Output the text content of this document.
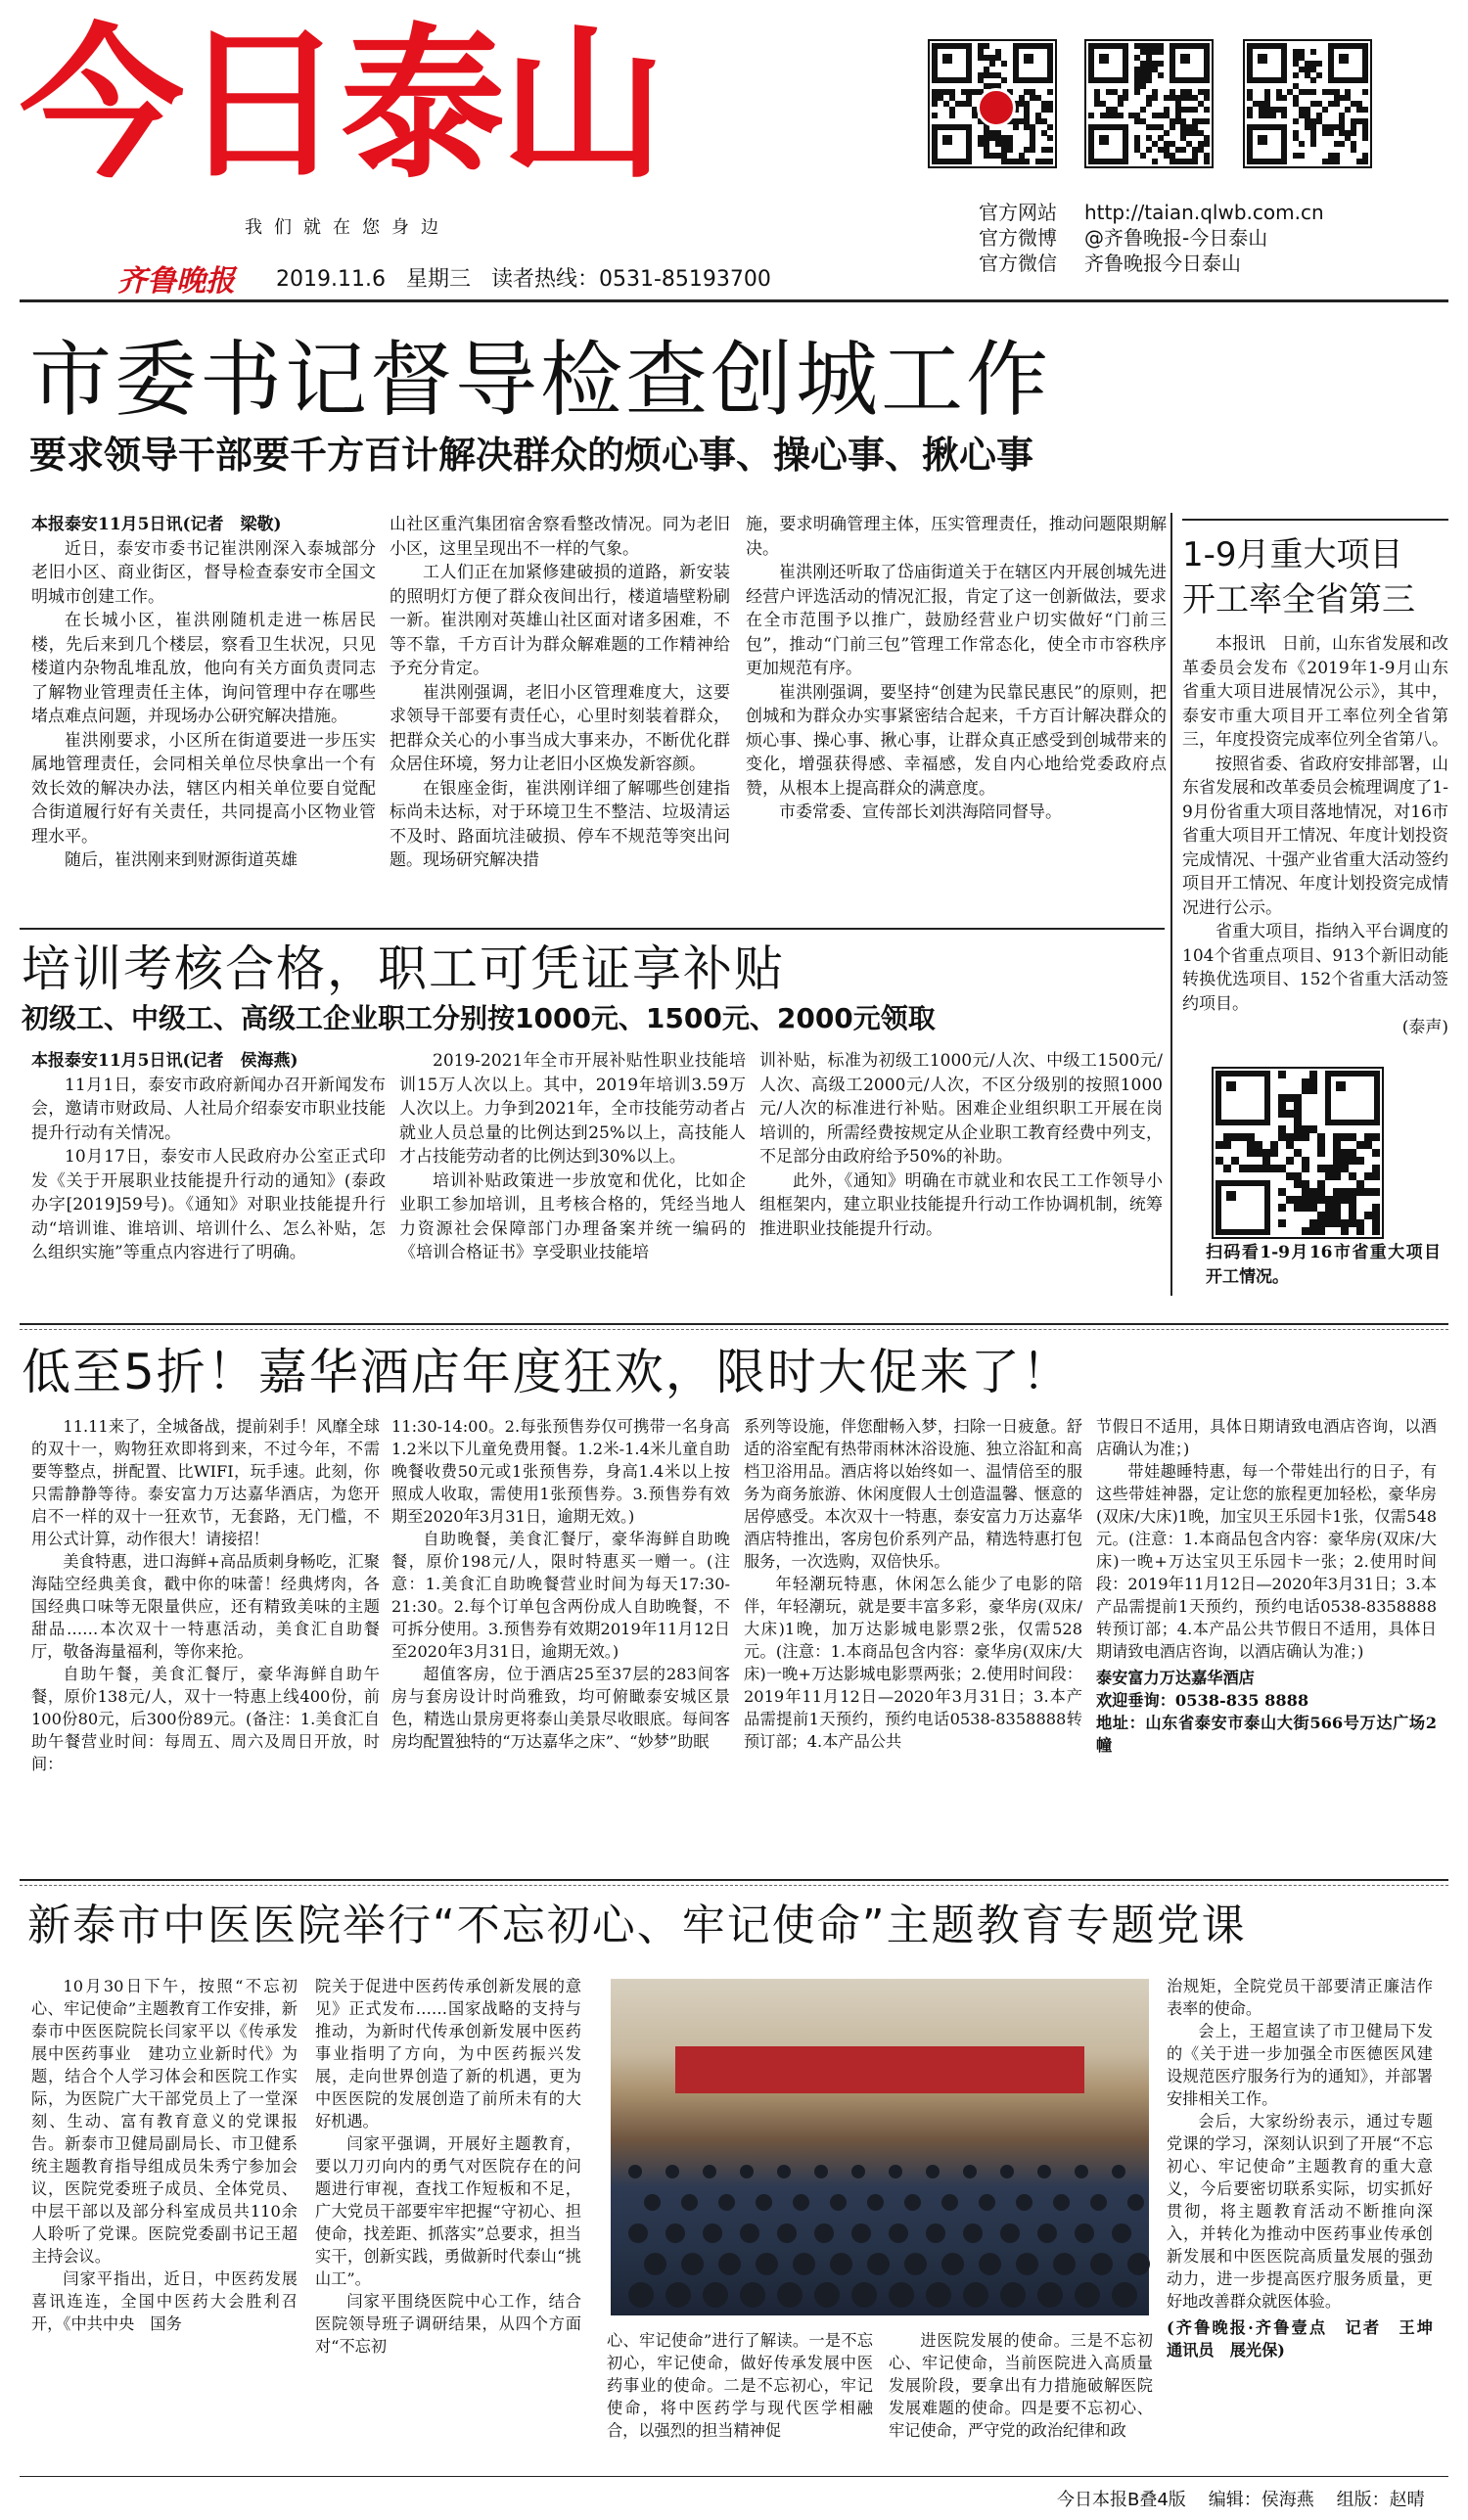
今日泰山
我们就在您身边
齐鲁晚报 2019.11.6 星期三 读者热线：0531-85193700
官方网站 http://taian.qlwb.com.cn
官方微博 @齐鲁晚报-今日泰山
官方微信 齐鲁晚报今日泰山
市委书记督导检查创城工作
要求领导干部要千方百计解决群众的烦心事、操心事、揪心事

本报泰安11月5日讯(记者　梁敬)

近日，泰安市委书记崔洪刚深入泰城部分老旧小区、商业街区，督导检查泰安市全国文明城市创建工作。

在长城小区，崔洪刚随机走进一栋居民楼，先后来到几个楼层，察看卫生状况，只见楼道内杂物乱堆乱放，他向有关方面负责同志了解物业管理责任主体，询问管理中存在哪些堵点难点问题，并现场办公研究解决措施。

崔洪刚要求，小区所在街道要进一步压实属地管理责任，会同相关单位尽快拿出一个有效长效的解决办法，辖区内相关单位要自觉配合街道履行好有关责任，共同提高小区物业管理水平。

随后，崔洪刚来到财源街道英雄

山社区重汽集团宿舍察看整改情况。同为老旧小区，这里呈现出不一样的气象。

工人们正在加紧修建破损的道路，新安装的照明灯方便了群众夜间出行，楼道墙壁粉刷一新。崔洪刚对英雄山社区面对诸多困难，不等不靠，千方百计为群众解难题的工作精神给予充分肯定。

崔洪刚强调，老旧小区管理难度大，这要求领导干部要有责任心，心里时刻装着群众，把群众关心的小事当成大事来办，不断优化群众居住环境，努力让老旧小区焕发新容颜。

在银座金街，崔洪刚详细了解哪些创建指标尚未达标，对于环境卫生不整洁、垃圾清运不及时、路面坑洼破损、停车不规范等突出问题。现场研究解决措

施，要求明确管理主体，压实管理责任，推动问题限期解决。

崔洪刚还听取了岱庙街道关于在辖区内开展创城先进经营户评选活动的情况汇报，肯定了这一创新做法，要求在全市范围予以推广，鼓励经营业户切实做好“门前三包”，推动“门前三包”管理工作常态化，使全市市容秩序更加规范有序。

崔洪刚强调，要坚持“创建为民靠民惠民”的原则，把创城和为群众办实事紧密结合起来，千方百计解决群众的烦心事、操心事、揪心事，让群众真正感受到创城带来的变化，增强获得感、幸福感，发自内心地给党委政府点赞，从根本上提高群众的满意度。

市委常委、宣传部长刘洪海陪同督导。

1-9月重大项目
开工率全省第三

本报讯　日前，山东省发展和改革委员会发布《2019年1-9月山东省重大项目进展情况公示》，其中，泰安市重大项目开工率位列全省第三，年度投资完成率位列全省第八。

按照省委、省政府安排部署，山东省发展和改革委员会梳理调度了1-9月份省重大项目落地情况，对16市省重大项目开工情况、年度计划投资完成情况、十强产业省重大活动签约项目开工情况、年度计划投资完成情况进行公示。

省重大项目，指纳入平台调度的104个省重点项目、913个新旧动能转换优选项目、152个省重大活动签约项目。

(泰声)

扫码看1-9月16市省重大项目开工情况。
培训考核合格，职工可凭证享补贴
初级工、中级工、高级工企业职工分别按1000元、1500元、2000元领取

本报泰安11月5日讯(记者　侯海燕)

11月1日，泰安市政府新闻办召开新闻发布会，邀请市财政局、人社局介绍泰安市职业技能提升行动有关情况。

10月17日，泰安市人民政府办公室正式印发《关于开展职业技能提升行动的通知》(泰政办字[2019]59号)。《通知》对职业技能提升行动“培训谁、谁培训、培训什么、怎么补贴，怎么组织实施”等重点内容进行了明确。

2019-2021年全市开展补贴性职业技能培训15万人次以上。其中，2019年培训3.59万人次以上。力争到2021年，全市技能劳动者占就业人员总量的比例达到25%以上，高技能人才占技能劳动者的比例达到30%以上。

培训补贴政策进一步放宽和优化，比如企业职工参加培训，且考核合格的，凭经当地人力资源社会保障部门办理备案并统一编码的《培训合格证书》享受职业技能培

训补贴，标准为初级工1000元/人次、中级工1500元/人次、高级工2000元/人次，不区分级别的按照1000元/人次的标准进行补贴。困难企业组织职工开展在岗培训的，所需经费按规定从企业职工教育经费中列支，不足部分由政府给予50%的补助。

此外，《通知》明确在市就业和农民工工作领导小组框架内，建立职业技能提升行动工作协调机制，统筹推进职业技能提升行动。

低至5折！嘉华酒店年度狂欢，限时大促来了！

11.11来了，全城备战，提前剁手！风靡全球的双十一，购物狂欢即将到来，不过今年，不需要等整点，拼配置、比WIFI，玩手速。此刻，你只需静静等待。泰安富力万达嘉华酒店，为您开启不一样的双十一狂欢节，无套路，无门槛，不用公式计算，动作很大！请接招！

美食特惠，进口海鲜+高品质刺身畅吃，汇聚海陆空经典美食，戳中你的味蕾！经典烤肉，各国经典口味等无限量供应，还有精致美味的主题甜品……本次双十一特惠活动，美食汇自助餐厅，敬备海量福利，等你来抢。

自助午餐，美食汇餐厅，豪华海鲜自助午餐，原价138元/人，双十一特惠上线400份，前100份80元，后300份89元。(备注：1.美食汇自助午餐营业时间：每周五、周六及周日开放，时间：

11:30-14:00。2.每张预售券仅可携带一名身高1.2米以下儿童免费用餐。1.2米-1.4米儿童自助晚餐收费50元或1张预售券，身高1.4米以上按照成人收取，需使用1张预售券。3.预售券有效期至2020年3月31日，逾期无效。)

自助晚餐，美食汇餐厅，豪华海鲜自助晚餐，原价198元/人，限时特惠买一赠一。(注意：1.美食汇自助晚餐营业时间为每天17:30-21:30。2.每个订单包含两份成人自助晚餐，不可拆分使用。3.预售券有效期2019年11月12日至2020年3月31日，逾期无效。)

超值客房，位于酒店25至37层的283间客房与套房设计时尚雅致，均可俯瞰泰安城区景色，精选山景房更将泰山美景尽收眼底。每间客房均配置独特的“万达嘉华之床”、“妙梦”助眠

系列等设施，伴您酣畅入梦，扫除一日疲惫。舒适的浴室配有热带雨林沐浴设施、独立浴缸和高档卫浴用品。酒店将以始终如一、温情倍至的服务为商务旅游、休闲度假人士创造温馨、惬意的居停感受。本次双十一特惠，泰安富力万达嘉华酒店特推出，客房包价系列产品，精选特惠打包服务，一次选购，双倍快乐。

年轻潮玩特惠，休闲怎么能少了电影的陪伴，年轻潮玩，就是要丰富多彩，豪华房(双床/大床)1晚，加万达影城电影票2张，仅需528元。(注意：1.本商品包含内容：豪华房(双床/大床)一晚+万达影城电影票两张；2.使用时间段：2019年11月12日—2020年3月31日；3.本产品需提前1天预约，预约电话0538-8358888转预订部；4.本产品公共

节假日不适用，具体日期请致电酒店咨询，以酒店确认为准；)

带娃趣睡特惠，每一个带娃出行的日子，有这些带娃神器，定让您的旅程更加轻松，豪华房(双床/大床)1晚，加宝贝王乐园卡1张，仅需548元。(注意：1.本商品包含内容：豪华房(双床/大床)一晚+万达宝贝王乐园卡一张；2.使用时间段：2019年11月12日—2020年3月31日；3.本产品需提前1天预约，预约电话0538-8358888转预订部；4.本产品公共节假日不适用，具体日期请致电酒店咨询，以酒店确认为准；)

泰安富力万达嘉华酒店

欢迎垂询：0538-835 8888

地址：山东省泰安市泰山大街566号万达广场2幢

新泰市中医医院举行“不忘初心、牢记使命”主题教育专题党课

10月30日下午，按照“不忘初心、牢记使命”主题教育工作安排，新泰市中医医院院长闫家平以《传承发展中医药事业　建功立业新时代》为题，结合个人学习体会和医院工作实际，为医院广大干部党员上了一堂深刻、生动、富有教育意义的党课报告。新泰市卫健局副局长、市卫健系统主题教育指导组成员朱秀宁参加会议，医院党委班子成员、全体党员、中层干部以及部分科室成员共110余人聆听了党课。医院党委副书记王超主持会议。

闫家平指出，近日，中医药发展喜讯连连，全国中医药大会胜利召开，《中共中央　国务

院关于促进中医药传承创新发展的意见》正式发布……国家战略的支持与推动，为新时代传承创新发展中医药事业指明了方向，为中医药振兴发展，走向世界创造了新的机遇，更为中医医院的发展创造了前所未有的大好机遇。

闫家平强调，开展好主题教育，要以刀刃向内的勇气对医院存在的问题进行审视，查找工作短板和不足，广大党员干部要牢牢把握“守初心、担使命，找差距、抓落实”总要求，担当实干，创新实践，勇做新时代泰山“挑山工”。

闫家平围绕医院中心工作，结合医院领导班子调研结果，从四个方面对“不忘初	心、牢记使命”进行了解读。一是不忘初心，牢记使命，做好传承发展中医药事业的使命。二是不忘初心，牢记使命，将中医药学与现代医学相融合，以强烈的担当精神促

进医院发展的使命。三是不忘初心、牢记使命，当前医院进入高质量发展阶段，要拿出有力措施破解医院发展难题的使命。四是要不忘初心、牢记使命，严守党的政治纪律和政

治规矩，全院党员干部要清正廉洁作表率的使命。

会上，王超宣读了市卫健局下发的《关于进一步加强全市医德医风建设规范医疗服务行为的通知》，并部署安排相关工作。

会后，大家纷纷表示，通过专题党课的学习，深刻认识到了开展“不忘初心、牢记使命”主题教育的重大意义，今后要密切联系实际，切实抓好贯彻，将主题教育活动不断推向深入，并转化为推动中医药事业传承创新发展和中医医院高质量发展的强劲动力，进一步提高医疗服务质量，更好地改善群众就医体验。

(齐鲁晚报·齐鲁壹点　记者　王坤　通讯员　展光保)

今日本报B叠4版 编辑：侯海燕 组版：赵晴
